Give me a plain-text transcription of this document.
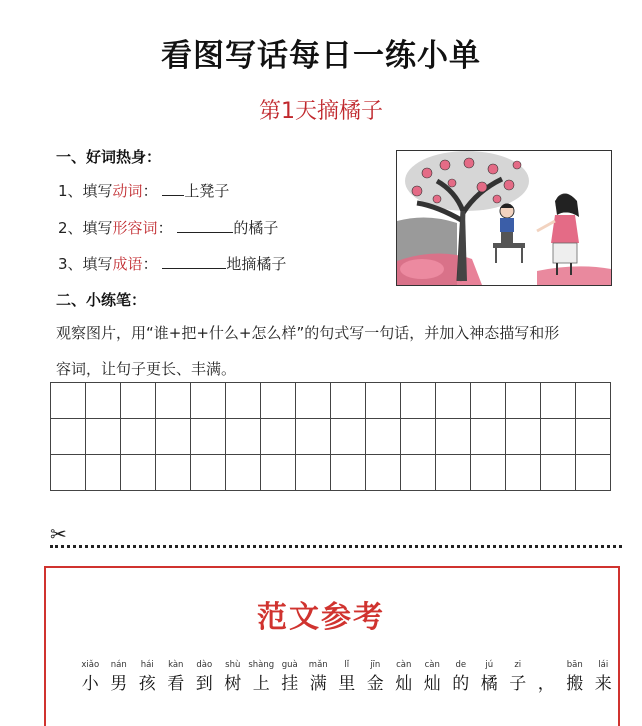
看图写话每日一练小单
第1天摘橘子
一、好词热身：
1、填写动词： 上凳子
2、填写形容词：	的橘子
3、填写成语：	地摘橘子
二、小练笔：
观察图片，用“谁+把+什么+怎么样”的句式写一句话，并加入神态描写和形
容词，让句子更长、丰满。

✂
范文参考
xiǎo
小
nán
男
hái
孩
kàn
看
dào
到
shù
树
shàng
上
guà
挂
mǎn
满
lǐ
里
jīn
金
càn
灿
càn
灿
de
的
jú
橘
zi
子 ，
bān
搬
lái
来
